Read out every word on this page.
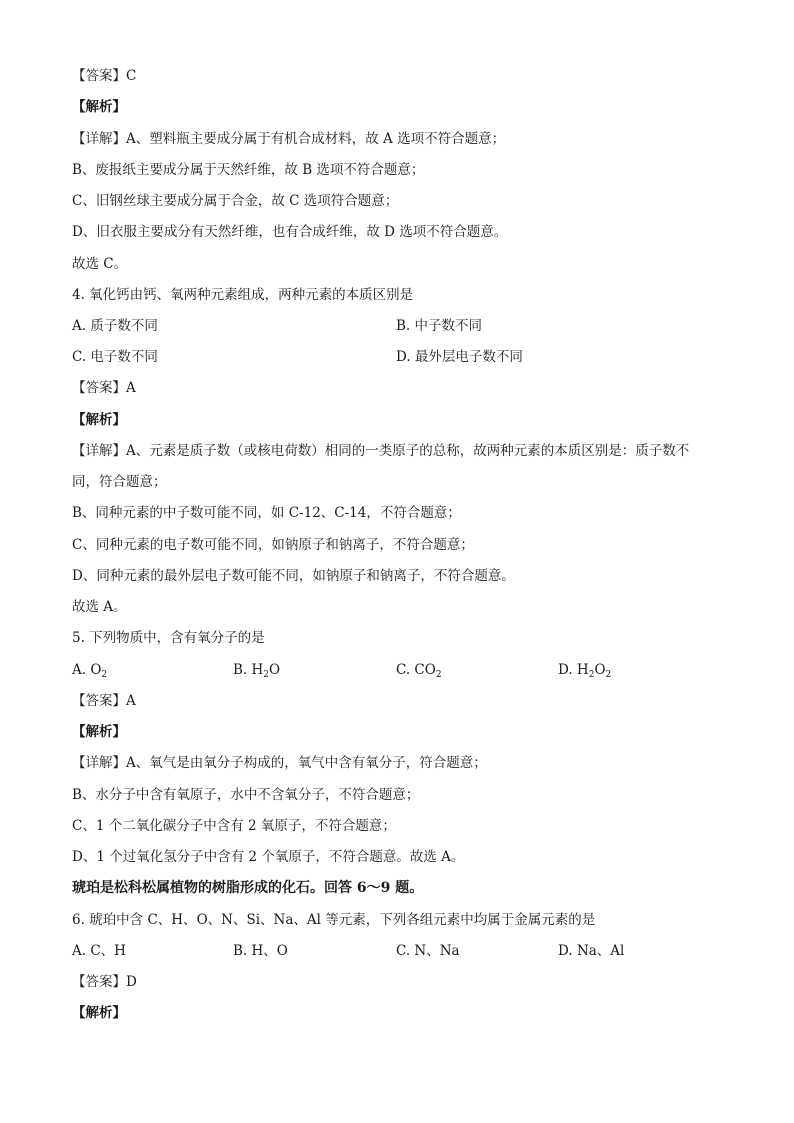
【答案】C
【解析】
【详解】A、塑料瓶主要成分属于有机合成材料，故 A 选项不符合题意；
B、废报纸主要成分属于天然纤维，故 B 选项不符合题意；
C、旧钢丝球主要成分属于合金，故 C 选项符合题意；
D、旧衣服主要成分有天然纤维，也有合成纤维，故 D 选项不符合题意。
故选 C。
4. 氧化钙由钙、氧两种元素组成，两种元素的本质区别是
A. 质子数不同	B. 中子数不同
C. 电子数不同	D. 最外层电子数不同
【答案】A
【解析】
【详解】A、元素是质子数（或核电荷数）相同的一类原子的总称，故两种元素的本质区别是：质子数不
同，符合题意；
B、同种元素的中子数可能不同，如 C-12、C-14，不符合题意；
C、同种元素的电子数可能不同，如钠原子和钠离子，不符合题意；
D、同种元素的最外层电子数可能不同，如钠原子和钠离子，不符合题意。
故选 A。
5. 下列物质中，含有氧分子的是
A. $O_2$	B. $H_2O$	C. $CO_2$	D. $H_2O_2$
【答案】A
【解析】
【详解】A、氧气是由氧分子构成的，氧气中含有氧分子，符合题意；
B、水分子中含有氧原子，水中不含氧分子，不符合题意；
C、1 个二氧化碳分子中含有 2 氧原子，不符合题意；
D、1 个过氧化氢分子中含有 2 个氧原子，不符合题意。故选 A。
琥珀是松科松属植物的树脂形成的化石。回答 6～9 题。
6. 琥珀中含 C、H、O、N、Si、Na、Al 等元素，下列各组元素中均属于金属元素的是
A. C、H	B. H、O	C. N、Na	D. Na、Al
【答案】D
【解析】
